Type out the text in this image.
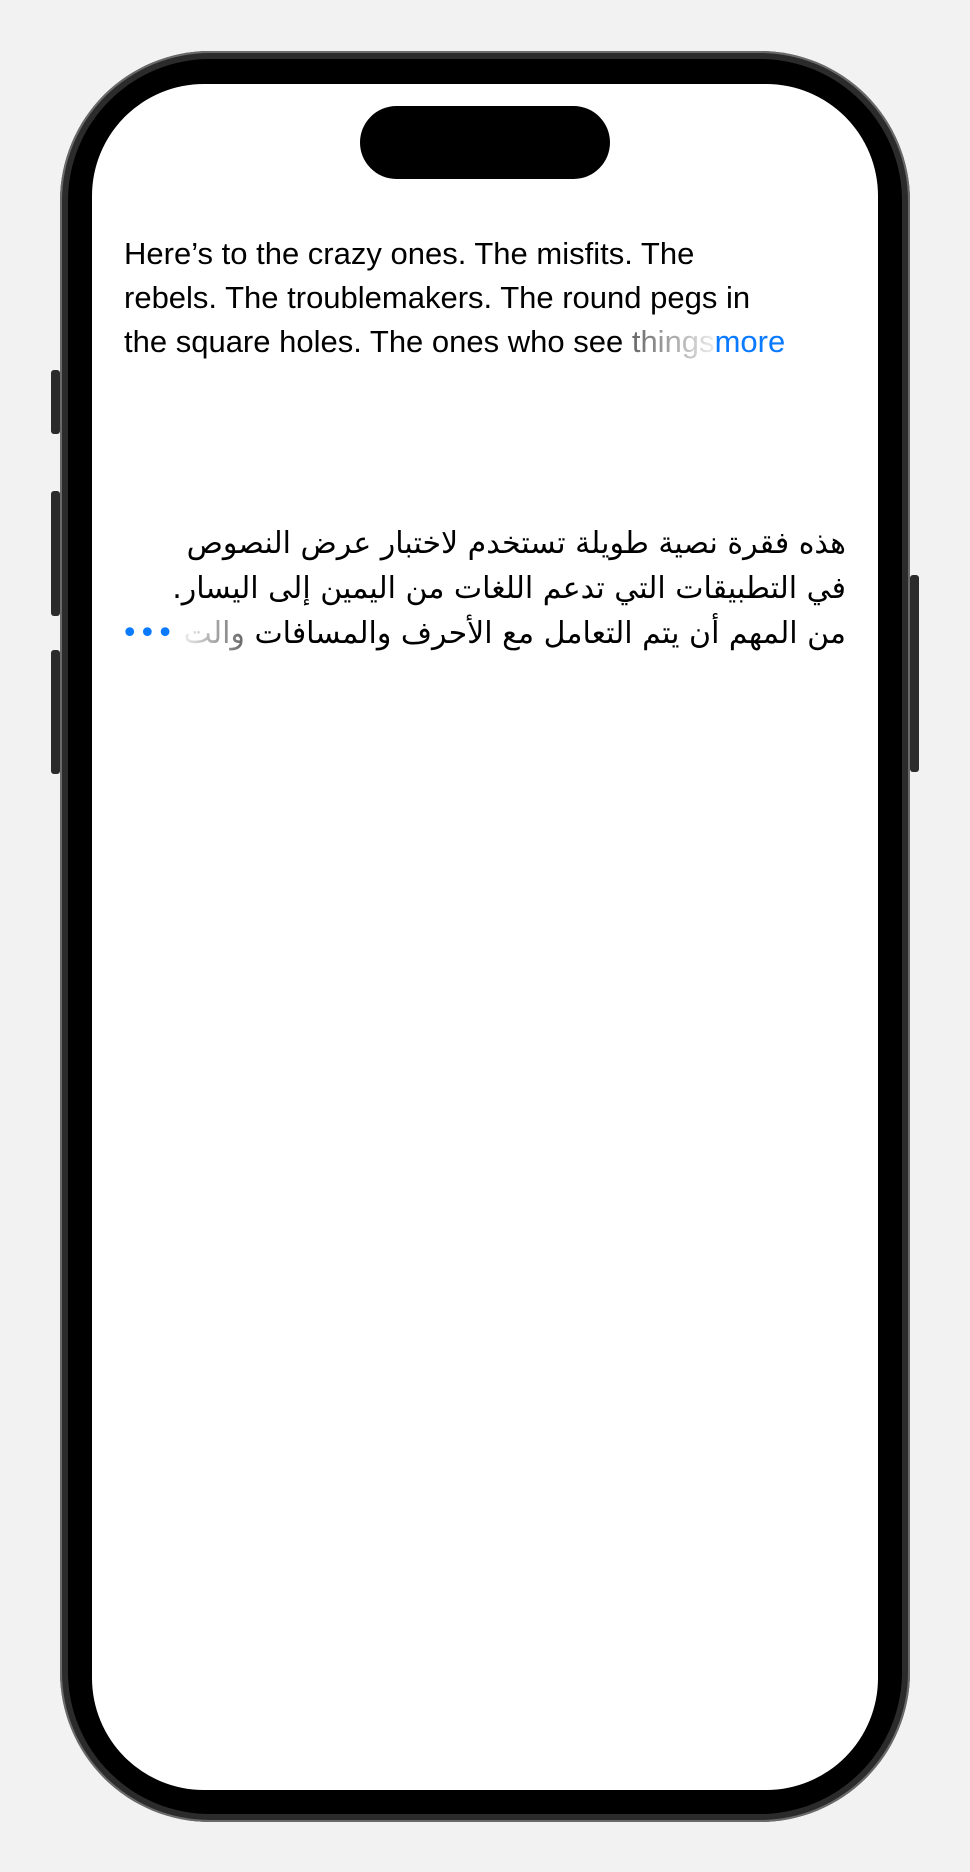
Here’s to the crazy ones. The misfits. The
rebels. The troublemakers. The round pegs in
the square holes. The ones who see thingsmore
هذه فقرة نصية طويلة تستخدم لاختبار عرض النصوص
في التطبيقات التي تدعم اللغات من اليمين إلى اليسار.
من المهم أن يتم التعامل مع الأحرف والمسافات والت •••
